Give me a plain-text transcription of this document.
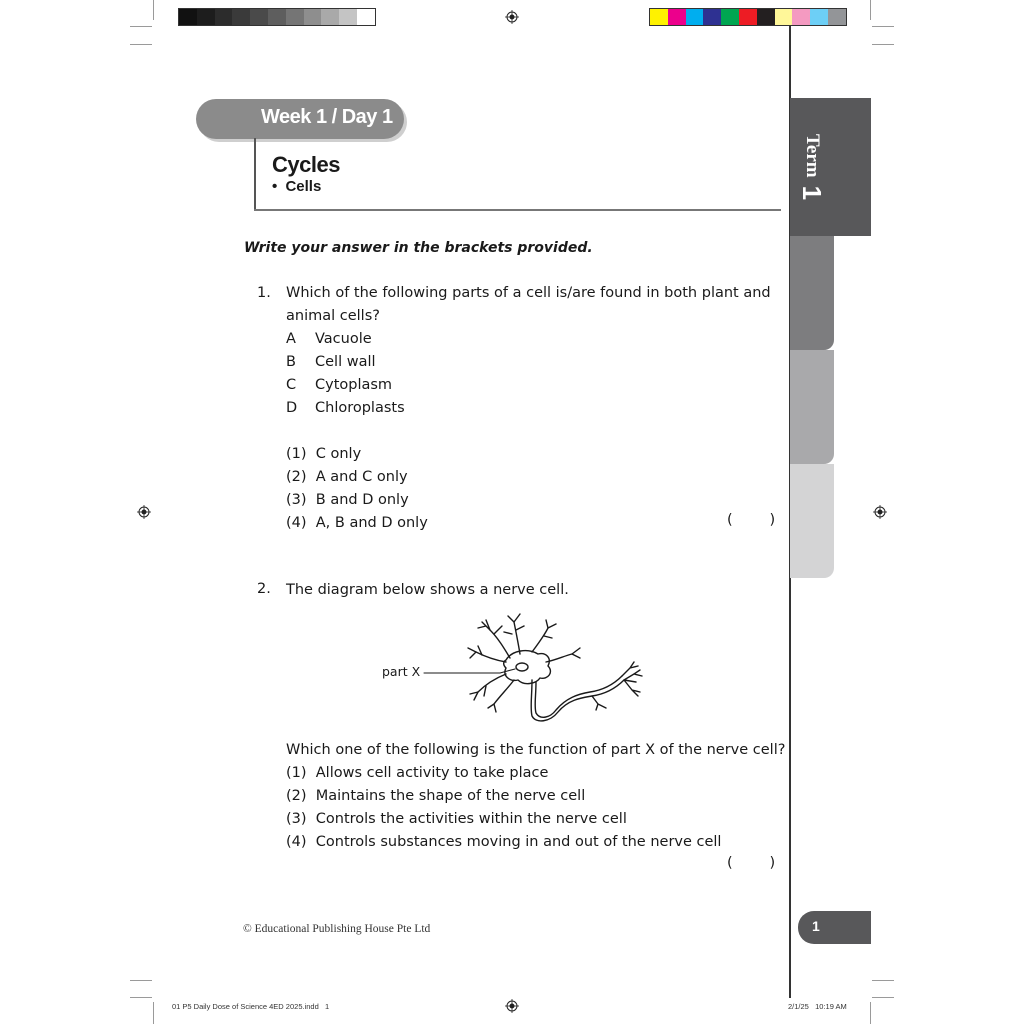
Term
1
Week 1 / Day 1
Cycles
• Cells
Write your answer in the brackets provided.
1. Which of the following parts of a cell is/are found in both plant and
animal cells?
A Vacuole
B Cell wall
C Cytoplasm
D Chloroplasts
(1)  C only
(2)  A and C only
(3)  B and D only
(4)  A, B and D only	(        )
2. The diagram below shows a nerve cell.
part X
Which one of the following is the function of part X of the nerve cell?
(1)  Allows cell activity to take place
(2)  Maintains the shape of the nerve cell
(3)  Controls the activities within the nerve cell
(4)  Controls substances moving in and out of the nerve cell
(        )
1
© Educational Publishing House Pte Ltd
01 P5 Daily Dose of Science 4ED 2025.indd   1	2/1/25   10:19 AM
